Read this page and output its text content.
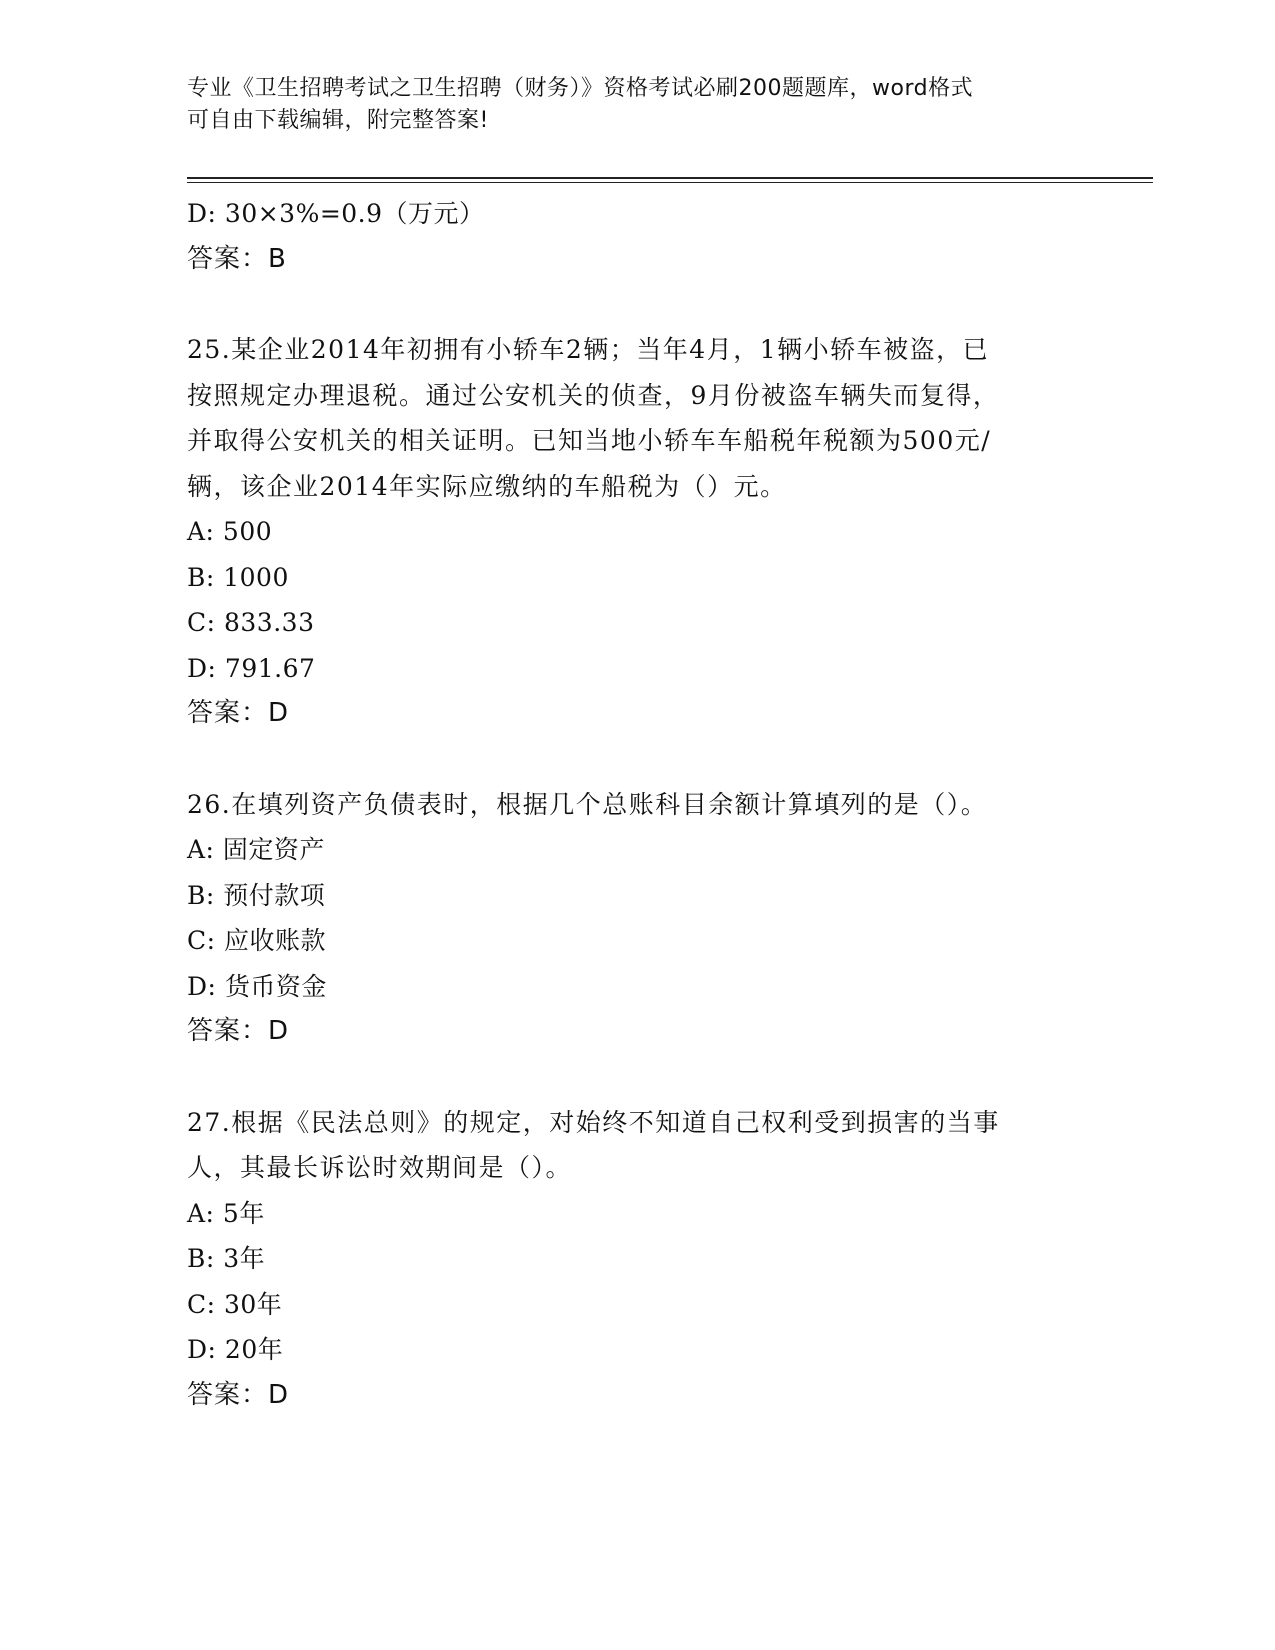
专业《卫生招聘考试之卫生招聘（财务）》资格考试必刷200题题库，word格式
可自由下载编辑，附完整答案!

D: 30×3%=0.9（万元）

答案：B

25.某企业2014年初拥有小轿车2辆；当年4月，1辆小轿车被盗，已

按照规定办理退税。通过公安机关的侦查，9月份被盗车辆失而复得，

并取得公安机关的相关证明。已知当地小轿车车船税年税额为500元/

辆，该企业2014年实际应缴纳的车船税为（）元。

A: 500

B: 1000

C: 833.33

D: 791.67

答案：D

26.在填列资产负债表时，根据几个总账科目余额计算填列的是（）。

A: 固定资产

B: 预付款项

C: 应收账款

D: 货币资金

答案：D

27.根据《民法总则》的规定，对始终不知道自己权利受到损害的当事

人，其最长诉讼时效期间是（）。

A: 5年

B: 3年

C: 30年

D: 20年

答案：D
